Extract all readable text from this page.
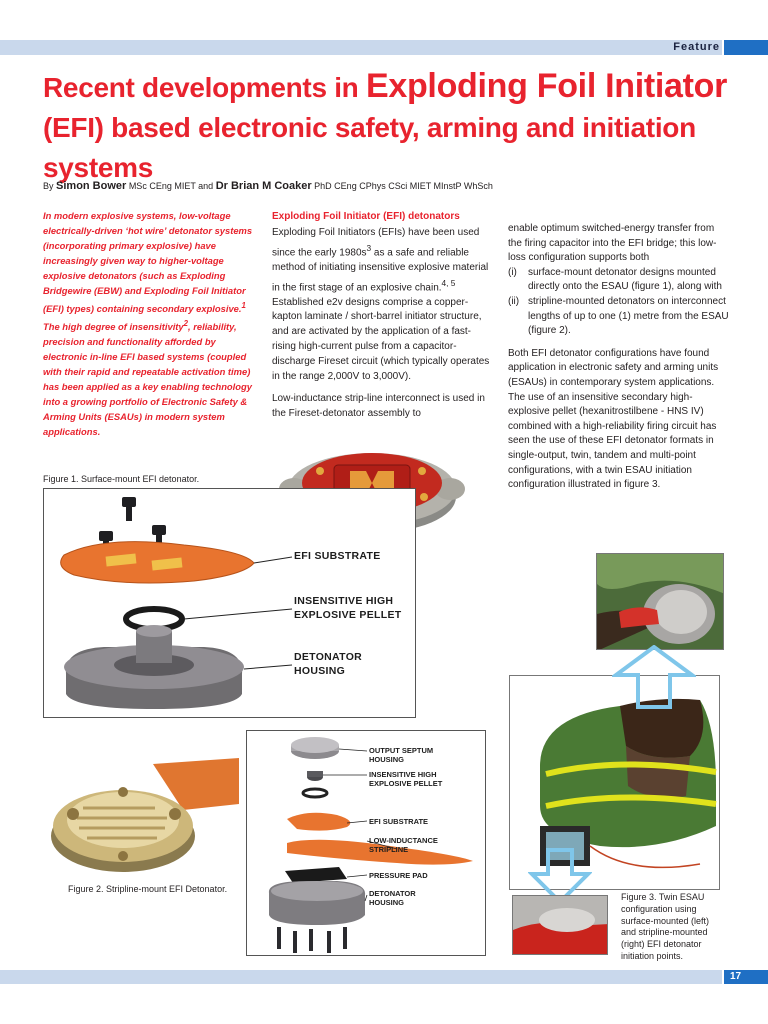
Feature
17
Recent developments in Exploding Foil Initiator (EFI) based electronic safety, arming and initiation systems
By Simon Bower MSc CEng MIET and Dr Brian M Coaker PhD CEng CPhys CSci MIET MInstP WhSch
In modern explosive systems, low-voltage electrically-driven ‘hot wire’ detonator systems (incorporating primary explosive) have increasingly given way to higher-voltage explosive detonators (such as Exploding Bridgewire (EBW) and Exploding Foil Initiator (EFI) types) containing secondary explosive.$^1$ The high degree of insensitivity$^2$, reliability, precision and functionality afforded by electronic in-line EFI based systems (coupled with their rapid and repeatable activation time) has been applied as a key enabling technology into a growing portfolio of Electronic Safety & Arming Units (ESAUs) in modern system applications.
Exploding Foil Initiator (EFI) detonators

Exploding Foil Initiators (EFIs) have been used since the early $1980s^3$ as a safe and reliable method of initiating insensitive explosive material in the first stage of an explosive chain.$^{4, 5}$ Established e2v designs comprise a copper-kapton laminate / short-barrel initiator structure, and are activated by the application of a fast-rising high-current pulse from a capacitor-discharge Fireset circuit (which typically operates in the range 2,000V to 3,000V).

Low-inductance strip-line interconnect is used in the Fireset-detonator assembly to

enable optimum switched-energy transfer from the firing capacitor into the EFI bridge; this low-loss configuration supports both

(i)	surface-mount detonator designs mounted directly onto the ESAU (figure 1), along with
(ii) stripline-mounted detonators on interconnect lengths of up to one (1) metre from the ESAU (figure 2).

Both EFI detonator configurations have found application in electronic safety and arming units (ESAUs) in contemporary system applications. The use of an insensitive secondary high-explosive pellet (hexanitrostilbene - HNS IV) combined with a high-reliability firing circuit has seen the use of these EFI detonator formats in single-output, twin, tandem and multi-point configurations, with a twin ESAU initiation configuration illustrated in figure 3.

Figure 1. Surface-mount EFI detonator.
EFI SUBSTRATE
INSENSITIVE HIGH
EXPLOSIVE PELLET
DETONATOR
HOUSING
Figure 2. Stripline-mount EFI Detonator.
OUTPUT SEPTUM
HOUSING
INSENSITIVE HIGH
EXPLOSIVE PELLET
EFI SUBSTRATE
LOW-INDUCTANCE
STRIPLINE
PRESSURE PAD
DETONATOR
HOUSING
Figure 3. Twin ESAU
configuration using
surface-mounted (left)
and stripline-mounted
(right) EFI detonator
initiation points.
